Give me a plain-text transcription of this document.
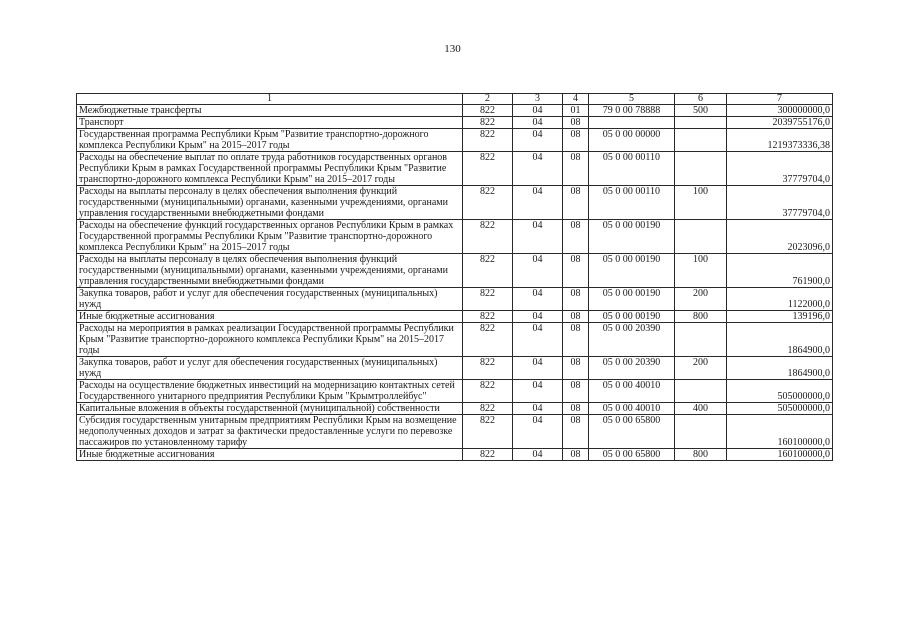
130
1	2	3	4	5	6	7
Межбюджетные трансферты	822	04	01	79 0 00 78888	500	300000000,0
Транспорт	822	04	08			2039755176,0
Государственная программа Республики Крым "Развитие транспортно-дорожного комплекса Республики Крым" на 2015–2017 годы	822	04	08	05 0 00 00000		1219373336,38
Расходы на обеспечение выплат по оплате труда работников государственных органов Республики Крым в рамках Государственной программы Республики Крым "Развитие транспортно-дорожного комплекса Республики Крым" на 2015–2017 годы	822	04	08	05 0 00 00110		37779704,0
Расходы на выплаты персоналу в целях обеспечения выполнения функций государственными (муниципальными) органами, казенными учреждениями, органами управления государственными внебюджетными фондами	822	04	08	05 0 00 00110	100	37779704,0
Расходы на обеспечение функций государственных органов Республики Крым в рамках Государственной программы Республики Крым "Развитие транспортно-дорожного комплекса Республики Крым" на 2015–2017 годы	822	04	08	05 0 00 00190		2023096,0
Расходы на выплаты персоналу в целях обеспечения выполнения функций государственными (муниципальными) органами, казенными учреждениями, органами управления государственными внебюджетными фондами	822	04	08	05 0 00 00190	100	761900,0
Закупка товаров, работ и услуг для обеспечения государственных (муниципальных) нужд	822	04	08	05 0 00 00190	200	1122000,0
Иные бюджетные ассигнования	822	04	08	05 0 00 00190	800	139196,0
Расходы на мероприятия в рамках реализации Государственной программы Республики Крым "Развитие транспортно-дорожного комплекса Республики Крым" на 2015–2017 годы	822	04	08	05 0 00 20390		1864900,0
Закупка товаров, работ и услуг для обеспечения государственных (муниципальных) нужд	822	04	08	05 0 00 20390	200	1864900,0
Расходы на осуществление бюджетных инвестиций на модернизацию контактных сетей Государственного унитарного предприятия Республики Крым "Крымтроллейбус"	822	04	08	05 0 00 40010		505000000,0
Капитальные вложения в объекты государственной (муниципальной) собственности	822	04	08	05 0 00 40010	400	505000000,0
Субсидия государственным унитарным предприятиям Республики Крым на возмещение недополученных доходов и затрат за фактически предоставленные услуги по перевозке пассажиров по установленному тарифу	822	04	08	05 0 00 65800		160100000,0
Иные бюджетные ассигнования	822	04	08	05 0 00 65800	800	160100000,0
